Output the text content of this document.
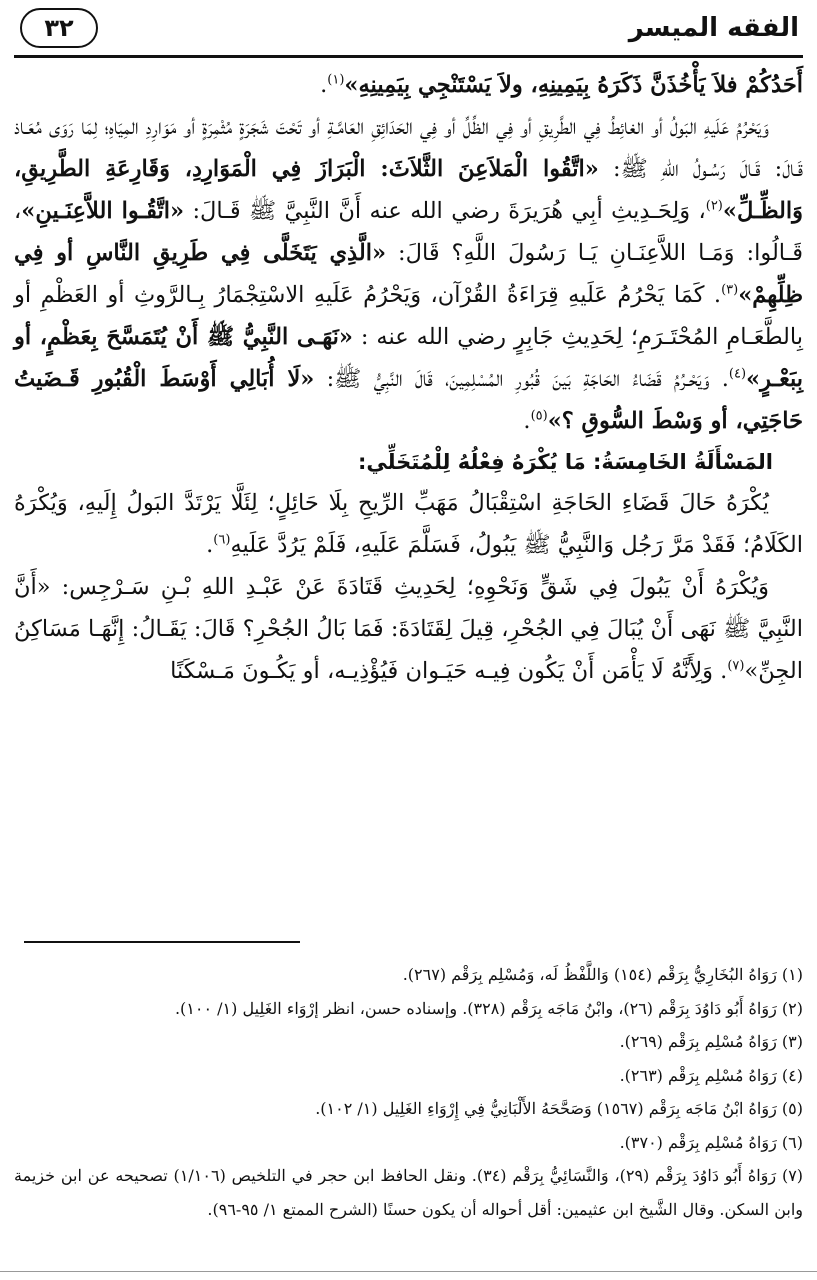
الفقه الميسر
٣٢

أَحَدُكُمْ فلاَ يَأْخُذَنَّ ذَكَرَهُ بِيَمِينِهِ، ولاَ يَسْتَنْجِي بِيَمِينِهِ»$^{(١)}$.

وَيَحْرُمُ عَلَيهِ البَولُ أو الغائِطُ فِي الطَّرِيقِ أو فِي الظِّلِّ أو فِي الحَدَائِقِ العَامَّـةِ أو تَحْتَ شَجَرَةٍ مُثْمِرَةٍ أو مَوَارِدِ المِيَاهِ؛ لِمَا رَوَى مُعَـاذ قَـالَ: قَـالَ رَسُـولُ اللهِ ﷺ: «اتَّقُوا الْمَلاَعِنَ الثَّلاَثَ: الْبَرَازَ فِي الْمَوَارِدِ، وَقَارِعَةِ الطَّرِيقِ، وَالظِّـلِّ»$^{(٢)}$، وَلِحَـدِيثِ أبِي هُرَيرَةَ رضي الله عنه أَنَّ النَّبِيَّ ﷺ قَـالَ: «اتَّقُـوا اللاَّعِنَـينِ»، قَـالُوا: وَمَـا اللاَّعِنَـانِ يَـا رَسُولَ اللَّهِ؟ قَالَ: «الَّذِي يَتَخَلَّى فِي طَرِيقِ النَّاسِ أو فِي ظِلِّهِمْ»$^{(٣)}$. كَمَا يَحْرُمُ عَلَيهِ قِرَاءَةُ القُرْآن، وَيَحْرُمُ عَلَيهِ الاسْتِجْمَارُ بِـالرَّوثِ أو العَظْمِ أو بِالطَّعَـامِ المُحْتَـرَمِ؛ لِحَدِيثِ جَابِرٍ رضي الله عنه : «نَهَـى النَّبِيُّ ﷺ أَنْ يُتَمَسَّحَ بِعَظْمٍ، أو بِبَعْـرٍ»$^{(٤)}$. وَيَحْـرُمُ قَضَاءُ الحَاجَةِ بَينَ قُبُورِ المُسْلِمِينَ، قَالَ النَّبِيُّ ﷺ: «لَا أُبَالِي أَوْسَطَ الْقُبُورِ قَـضَيتُ حَاجَتِي، أو وَسْطَ السُّوقِ ؟»$^{(٥)}$.

المَسْأَلَةُ الخَامِسَةُ: مَا يُكْرَهُ فِعْلُهُ لِلْمُتَخَلِّي:

يُكْرَهُ حَالَ قَضَاءِ الحَاجَةِ اسْتِقْبَالُ مَهَبِّ الرِّيحِ بِلَا حَائِلٍ؛ لِئَلَّا يَرْتَدَّ البَولُ إِلَيهِ، وَيُكْرَهُ الكَلَامُ؛ فَقَدْ مَرَّ رَجُل وَالنَّبِيُّ ﷺ يَبُولُ، فَسَلَّمَ عَلَيهِ، فَلَمْ يَرُدَّ عَلَيهِ$^{(٦)}$.

وَيُكْرَهُ أَنْ يَبُولَ فِي شَقٍّ وَنَحْوِهِ؛ لِحَدِيثِ قَتَادَةَ عَنْ عَبْـدِ اللهِ بْـنِ سَـرْجِس: «أَنَّ النَّبِيَّ ﷺ نَهَى أَنْ يُبَالَ فِي الجُحْرِ، قِيلَ لِقَتَادَةَ: فَمَا بَالُ الجُحْرِ؟ قَالَ: يَقَـالُ: إِنَّهَـا مَسَاكِنُ الجِنِّ»$^{(٧)}$. وَلِأَنَّهُ لَا يَأْمَن أَنْ يَكُون فِيـه حَيَـوان فَيُؤْذِيـه، أو يَكُـونَ مَـسْكَنًا

(١) رَوَاهُ البُخَارِيُّ بِرَقْم (١٥٤) وَاللَّفْظُ لَه، وَمُسْلِم بِرَقْم (٢٦٧).

(٢) رَوَاهُ أَبُو دَاوُدَ بِرَقْم (٢٦)، وابْنُ مَاجَه بِرَقْم (٣٢٨). وإسناده حسن، انظر إرْوَاء الغَلِيل (١/ ١٠٠).

(٣) رَوَاهُ مُسْلِم بِرَقْم (٢٦٩).

(٤) رَوَاهُ مُسْلِم بِرَقْم (٢٦٣).

(٥) رَوَاهُ ابْنُ مَاجَه بِرَقْم (١٥٦٧) وَصَحَّحَهُ الأَلْبَانِيُّ فِي إِرْوَاءِ الغَلِيل (١/ ١٠٢).

(٦) رَوَاهُ مُسْلِم بِرَقْم (٣٧٠).

(٧) رَوَاهُ أَبُو دَاوُدَ بِرَقْم (٢٩)، وَالنَّسَائِيُّ بِرَقْم (٣٤). ونقل الحافظ ابن حجر في التلخيص (١/١٠٦) تصحيحه عن ابن خزيمة وابن السكن. وقال الشَّيخ ابن عثيمين: أقل أحواله أن يكون حسنًا (الشرح الممتع ١/ ٩٥-٩٦).
